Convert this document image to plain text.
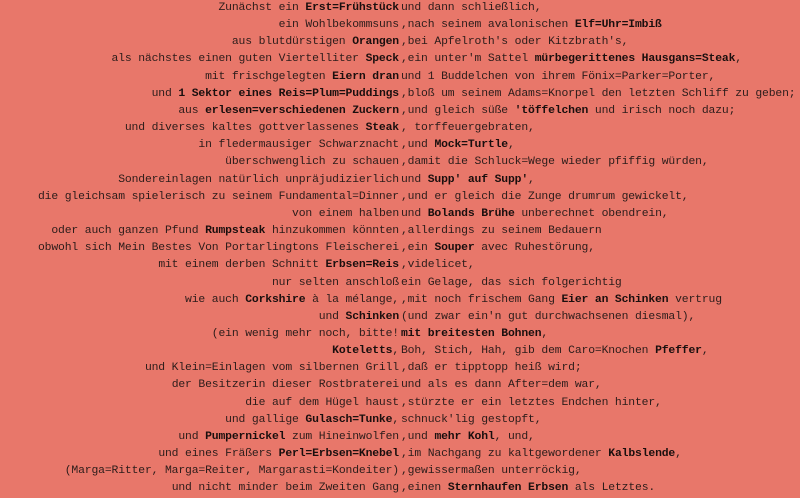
Zunächst ein Erst=Frühstück
ein Wohlbekommsuns
aus blutdürstigen Orangen
als nächstes einen guten Viertelliter Speck
mit frischgelegten Eiern dran
und 1 Sektor eines Reis=Plum=Puddings
aus erlesen=verschiedenen Zuckern
und diverses kaltes gottverlassenes Steak
in fledermausiger Schwarznacht
überschwenglich zu schauen
Sondereinlagen natürlich unpräjudizierlich
die gleichsam spielerisch zu seinem Fundamental=Dinner
von einem halben
oder auch ganzen Pfund Rumpsteak hinzukommen könnten
obwohl sich Mein Bestes Von Portarlingtons Fleischerei
mit einem derben Schnitt Erbsen=Reis
nur selten anschloß
wie auch Corkshire à la mélange,
und Schinken
(ein wenig mehr noch, bitte!
Koteletts,
und Klein=Einlagen vom silbernen Grill
der Besitzerin dieser Rostbraterei
die auf dem Hügel haust
und gallige Gulasch=Tunke,
und Pumpernickel zum Hineinwolfen
und eines Fräßers Perl=Erbsen=Knebel
(Marga=Ritter, Marga=Reiter, Margarasti=Kondeiter)
und nicht minder beim Zweiten Gang
und dann schließlich,
,nach seinem avalonischen Elf=Uhr=Imbiß
,bei Apfelroth's oder Kitzbrath's,
,ein unter'm Sattel mürbegerittenes Hausgans=Steak,
und 1 Buddelchen von ihrem Fönix=Parker=Porter,
,bloß um seinem Adams=Knorpel den letzten Schliff zu geben;
,und gleich süße 'töffelchen und irisch noch dazu;
, torffeuergebraten,
,und Mock=Turtle,
,damit die Schluck=Wege wieder pfiffig würden,
und Supp' auf Supp',
,und er gleich die Zunge drumrum gewickelt,
und Bolands Brühe unberechnet obendrein,
,allerdings zu seinem Bedauern
,ein Souper avec Ruhestörung,
,videlicet,
ein Gelage, das sich folgerichtig
,mit noch frischem Gang Eier an Schinken vertrug
(und zwar ein'n gut durchwachsenen diesmal),
mit breitesten Bohnen,
Boh, Stich, Hah, gib dem Caro=Knochen Pfeffer,
,daß er tipptopp heiß wird;
und als es dann After=dem war,
,stürzte er ein letztes Endchen hinter,
schnuck'lig gestopft,
,und mehr Kohl, und,
,im Nachgang zu kaltgewordener Kalbslende,
,gewissermaßen unterröckig,
,einen Sternhaufen Erbsen als Letztes.
